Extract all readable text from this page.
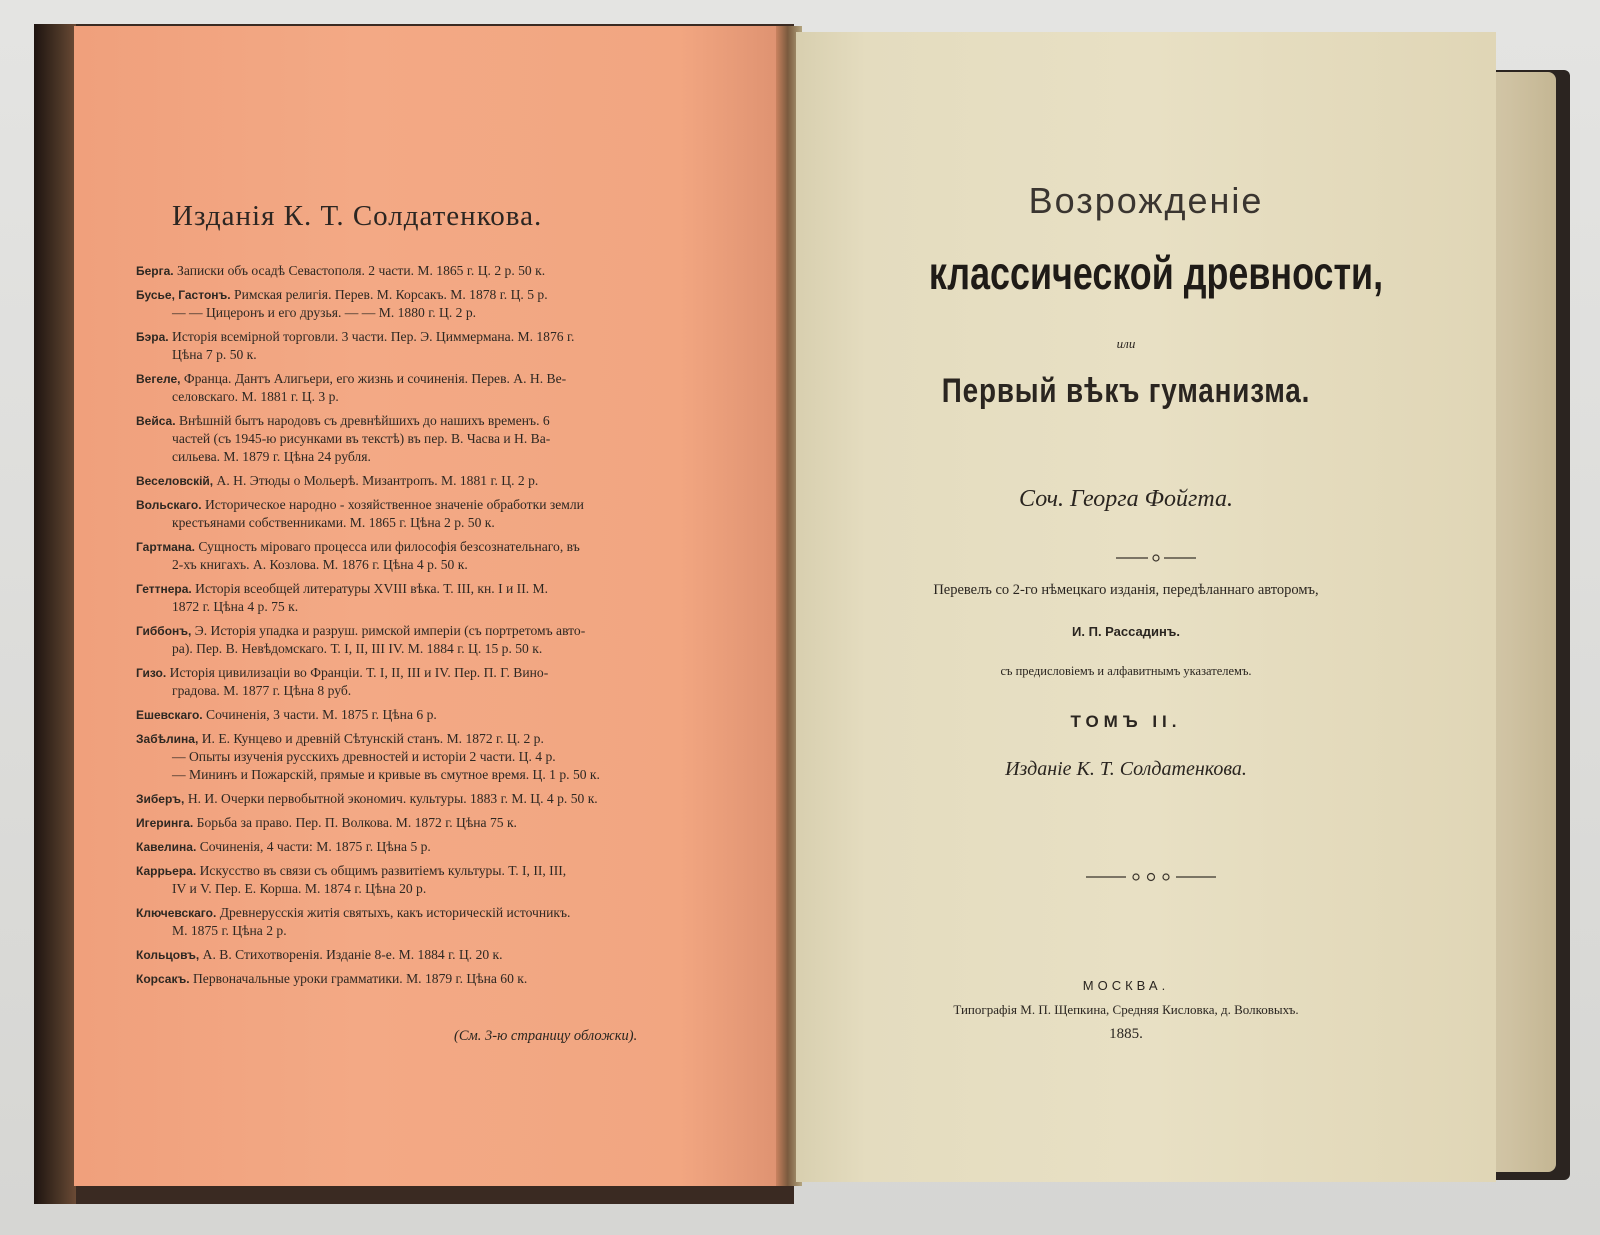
Изданія К. Т. Солдатенкова.
Берга. Записки объ осадѣ Севастополя. 2 части. М. 1865 г. Ц. 2 р. 50 к.
Бусье, Гастонъ. Римская религія. Перев. М. Корсакъ. М. 1878 г. Ц. 5 р.
— — Цицеронъ и его друзья. — — М. 1880 г. Ц. 2 р.
Бэра. Исторія всемірной торговли. 3 части. Пер. Э. Циммермана. М. 1876 г.
Цѣна 7 р. 50 к.
Вегеле, Франца. Дантъ Алигьери, его жизнь и сочиненія. Перев. А. Н. Ве-
селовскаго. М. 1881 г. Ц. 3 р.
Вейса. Внѣшній бытъ народовъ съ древнѣйшихъ до нашихъ временъ. 6
частей (съ 1945-ю рисунками въ текстѣ) въ пер. В. Часва и Н. Ва-
сильева. М. 1879 г. Цѣна 24 рубля.
Веселовскій, А. Н. Этюды о Мольерѣ. Мизантропъ. М. 1881 г. Ц. 2 р.
Вольскаго. Историческое народно - хозяйственное значеніе обработки земли
крестьянами собственниками. М. 1865 г. Цѣна 2 р. 50 к.
Гартмана. Сущность міроваго процесса или философія безсознательнаго, въ
2-хъ книгахъ. А. Козлова. М. 1876 г. Цѣна 4 р. 50 к.
Геттнера. Исторія всеобщей литературы XVIII вѣка. Т. III, кн. I и II. М.
1872 г. Цѣна 4 р. 75 к.
Гиббонъ, Э. Исторія упадка и разруш. римской имперіи (съ портретомъ авто-
ра). Пер. В. Невѣдомскаго. Т. I, II, III IV. М. 1884 г. Ц. 15 р. 50 к.
Гизо. Исторія цивилизаціи во Франціи. Т. I, II, III и IV. Пер. П. Г. Вино-
градова. М. 1877 г. Цѣна 8 руб.
Ешевскаго. Сочиненія, 3 части. М. 1875 г. Цѣна 6 р.
Забѣлина, И. Е. Кунцево и древній Сѣтунскій станъ. М. 1872 г. Ц. 2 р.
— Опыты изученія русскихъ древностей и исторіи 2 части. Ц. 4 р.
— Мининъ и Пожарскій, прямые и кривые въ смутное время. Ц. 1 р. 50 к.
Зиберъ, Н. И. Очерки первобытной экономич. культуры. 1883 г. М. Ц. 4 р. 50 к.
Игеринга. Борьба за право. Пер. П. Волкова. М. 1872 г. Цѣна 75 к.
Кавелина. Сочиненія, 4 части: М. 1875 г. Цѣна 5 р.
Каррьера. Искусство въ связи съ общимъ развитіемъ культуры. Т. I, II, III,
IV и V. Пер. Е. Корша. М. 1874 г. Цѣна 20 р.
Ключевскаго. Древнерусскія житія святыхъ, какъ историческій источникъ.
М. 1875 г. Цѣна 2 р.
Кольцовъ, А. В. Стихотворенія. Изданіе 8-е. М. 1884 г. Ц. 20 к.
Корсакъ. Первоначальные уроки грамматики. М. 1879 г. Цѣна 60 к.
(См. 3-ю страницу обложки).
Возрожденіе
классической древности,
или
Первый вѣкъ гуманизма.
Соч. Георга Фойгта.
Перевелъ со 2-го нѣмецкаго изданія, передѣланнаго авторомъ,
И. П. Рассадинъ.
съ предисловіемъ и алфавитнымъ указателемъ.
ТОМЪ II.
Изданіе К. Т. Солдатенкова.
МОСКВА.
Типографія М. П. Щепкина, Средняя Кисловка, д. Волковыхъ.
1885.
